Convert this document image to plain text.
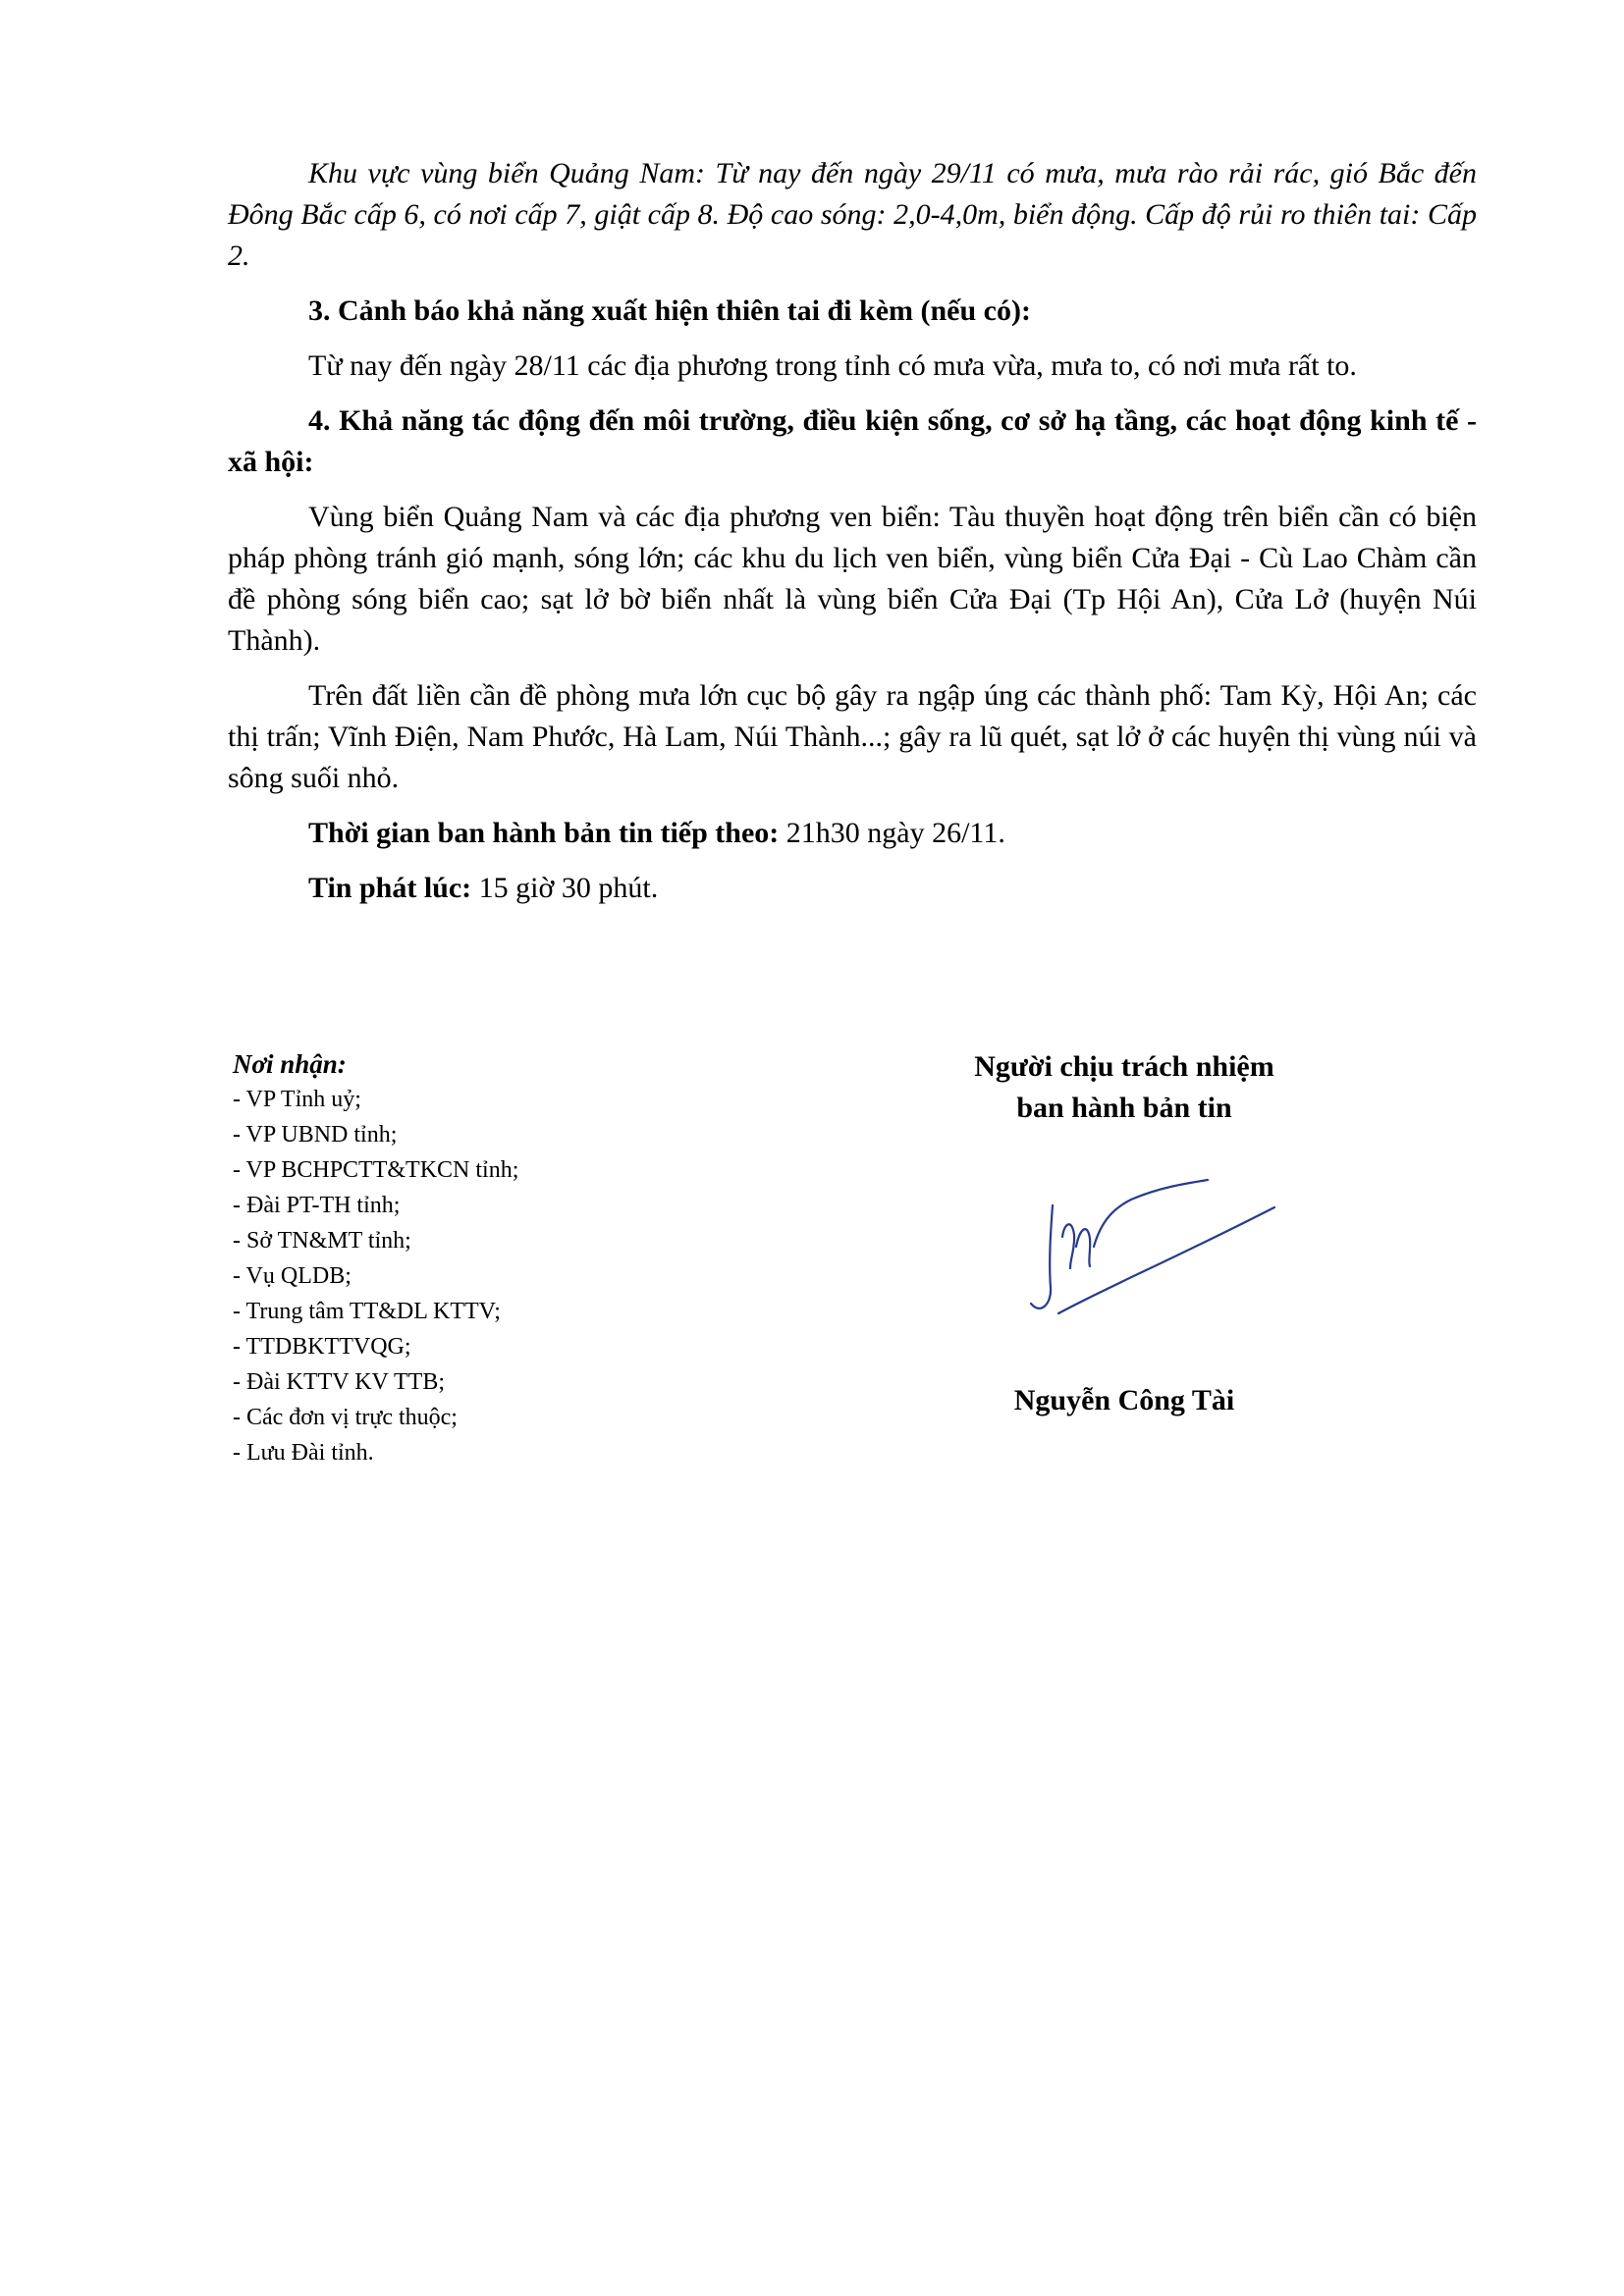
Khu vực vùng biển Quảng Nam: Từ nay đến ngày 29/11 có mưa, mưa rào rải rác, gió Bắc đến Đông Bắc cấp 6, có nơi cấp 7, giật cấp 8. Độ cao sóng: 2,0-4,0m, biển động. Cấp độ rủi ro thiên tai: Cấp 2.

3. Cảnh báo khả năng xuất hiện thiên tai đi kèm (nếu có):

Từ nay đến ngày 28/11 các địa phương trong tỉnh có mưa vừa, mưa to, có nơi mưa rất to.

4. Khả năng tác động đến môi trường, điều kiện sống, cơ sở hạ tầng, các hoạt động kinh tế - xã hội:

Vùng biển Quảng Nam và các địa phương ven biển: Tàu thuyền hoạt động trên biển cần có biện pháp phòng tránh gió mạnh, sóng lớn; các khu du lịch ven biển, vùng biển Cửa Đại - Cù Lao Chàm cần đề phòng sóng biển cao; sạt lở bờ biển nhất là vùng biển Cửa Đại (Tp Hội An), Cửa Lở (huyện Núi Thành).

Trên đất liền cần đề phòng mưa lớn cục bộ gây ra ngập úng các thành phố: Tam Kỳ, Hội An; các thị trấn; Vĩnh Điện, Nam Phước, Hà Lam, Núi Thành...; gây ra lũ quét, sạt lở ở các huyện thị vùng núi và sông suối nhỏ.

Thời gian ban hành bản tin tiếp theo: 21h30 ngày 26/11.

Tin phát lúc: 15 giờ 30 phút.

Nơi nhận:
- VP Tỉnh uỷ;
- VP UBND tỉnh;
- VP BCHPCTT&TKCN tỉnh;
- Đài PT-TH tỉnh;
- Sở TN&MT tỉnh;
- Vụ QLDB;
- Trung tâm TT&DL KTTV;
- TTDBKTTVQG;
- Đài KTTV KV TTB;
- Các đơn vị trực thuộc;
- Lưu Đài tỉnh.
Người chịu trách nhiệm
ban hành bản tin
Nguyễn Công Tài
